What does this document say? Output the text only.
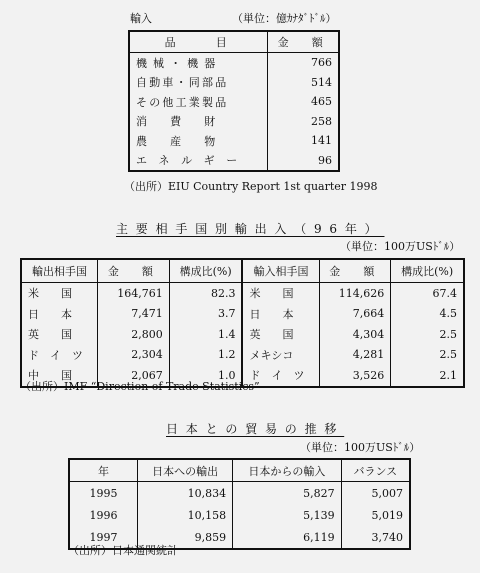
輸入	（単位：億ｶﾅﾀﾞﾄﾞﾙ）
品　　目	金　額
機械・機器	766
自動車・同部品	514
その他工業製品	465
消費財	258
農産物	141
エネルギー	96
（出所）EIU Country Report 1st quarter 1998
主要相手国別輸出入（96年）
（単位：100万USﾄﾞﾙ）
輸出相手国	金　額	構成比(%)	輸入相手国	金　額	構成比(%)
米　　国	164,761	82.3	米　　国	114,626	67.4
日　　本	7,471	3.7	日　　本	7,664	4.5
英　　国	2,800	1.4	英　　国	4,304	2.5
ド　イ　ツ	2,304	1.2	メキシコ	4,281	2.5
中　　国	2,067	1.0	ド　イ　ツ	3,526	2.1
（出所）IMF “Direction of Trade Statistics”
日本との貿易の推移
（単位：100万USﾄﾞﾙ）
年	日本への輸出	日本からの輸入	バランス
1995	10,834	5,827	5,007
1996	10,158	5,139	5,019
1997	9,859	6,119	3,740
（出所）日本通関統計
